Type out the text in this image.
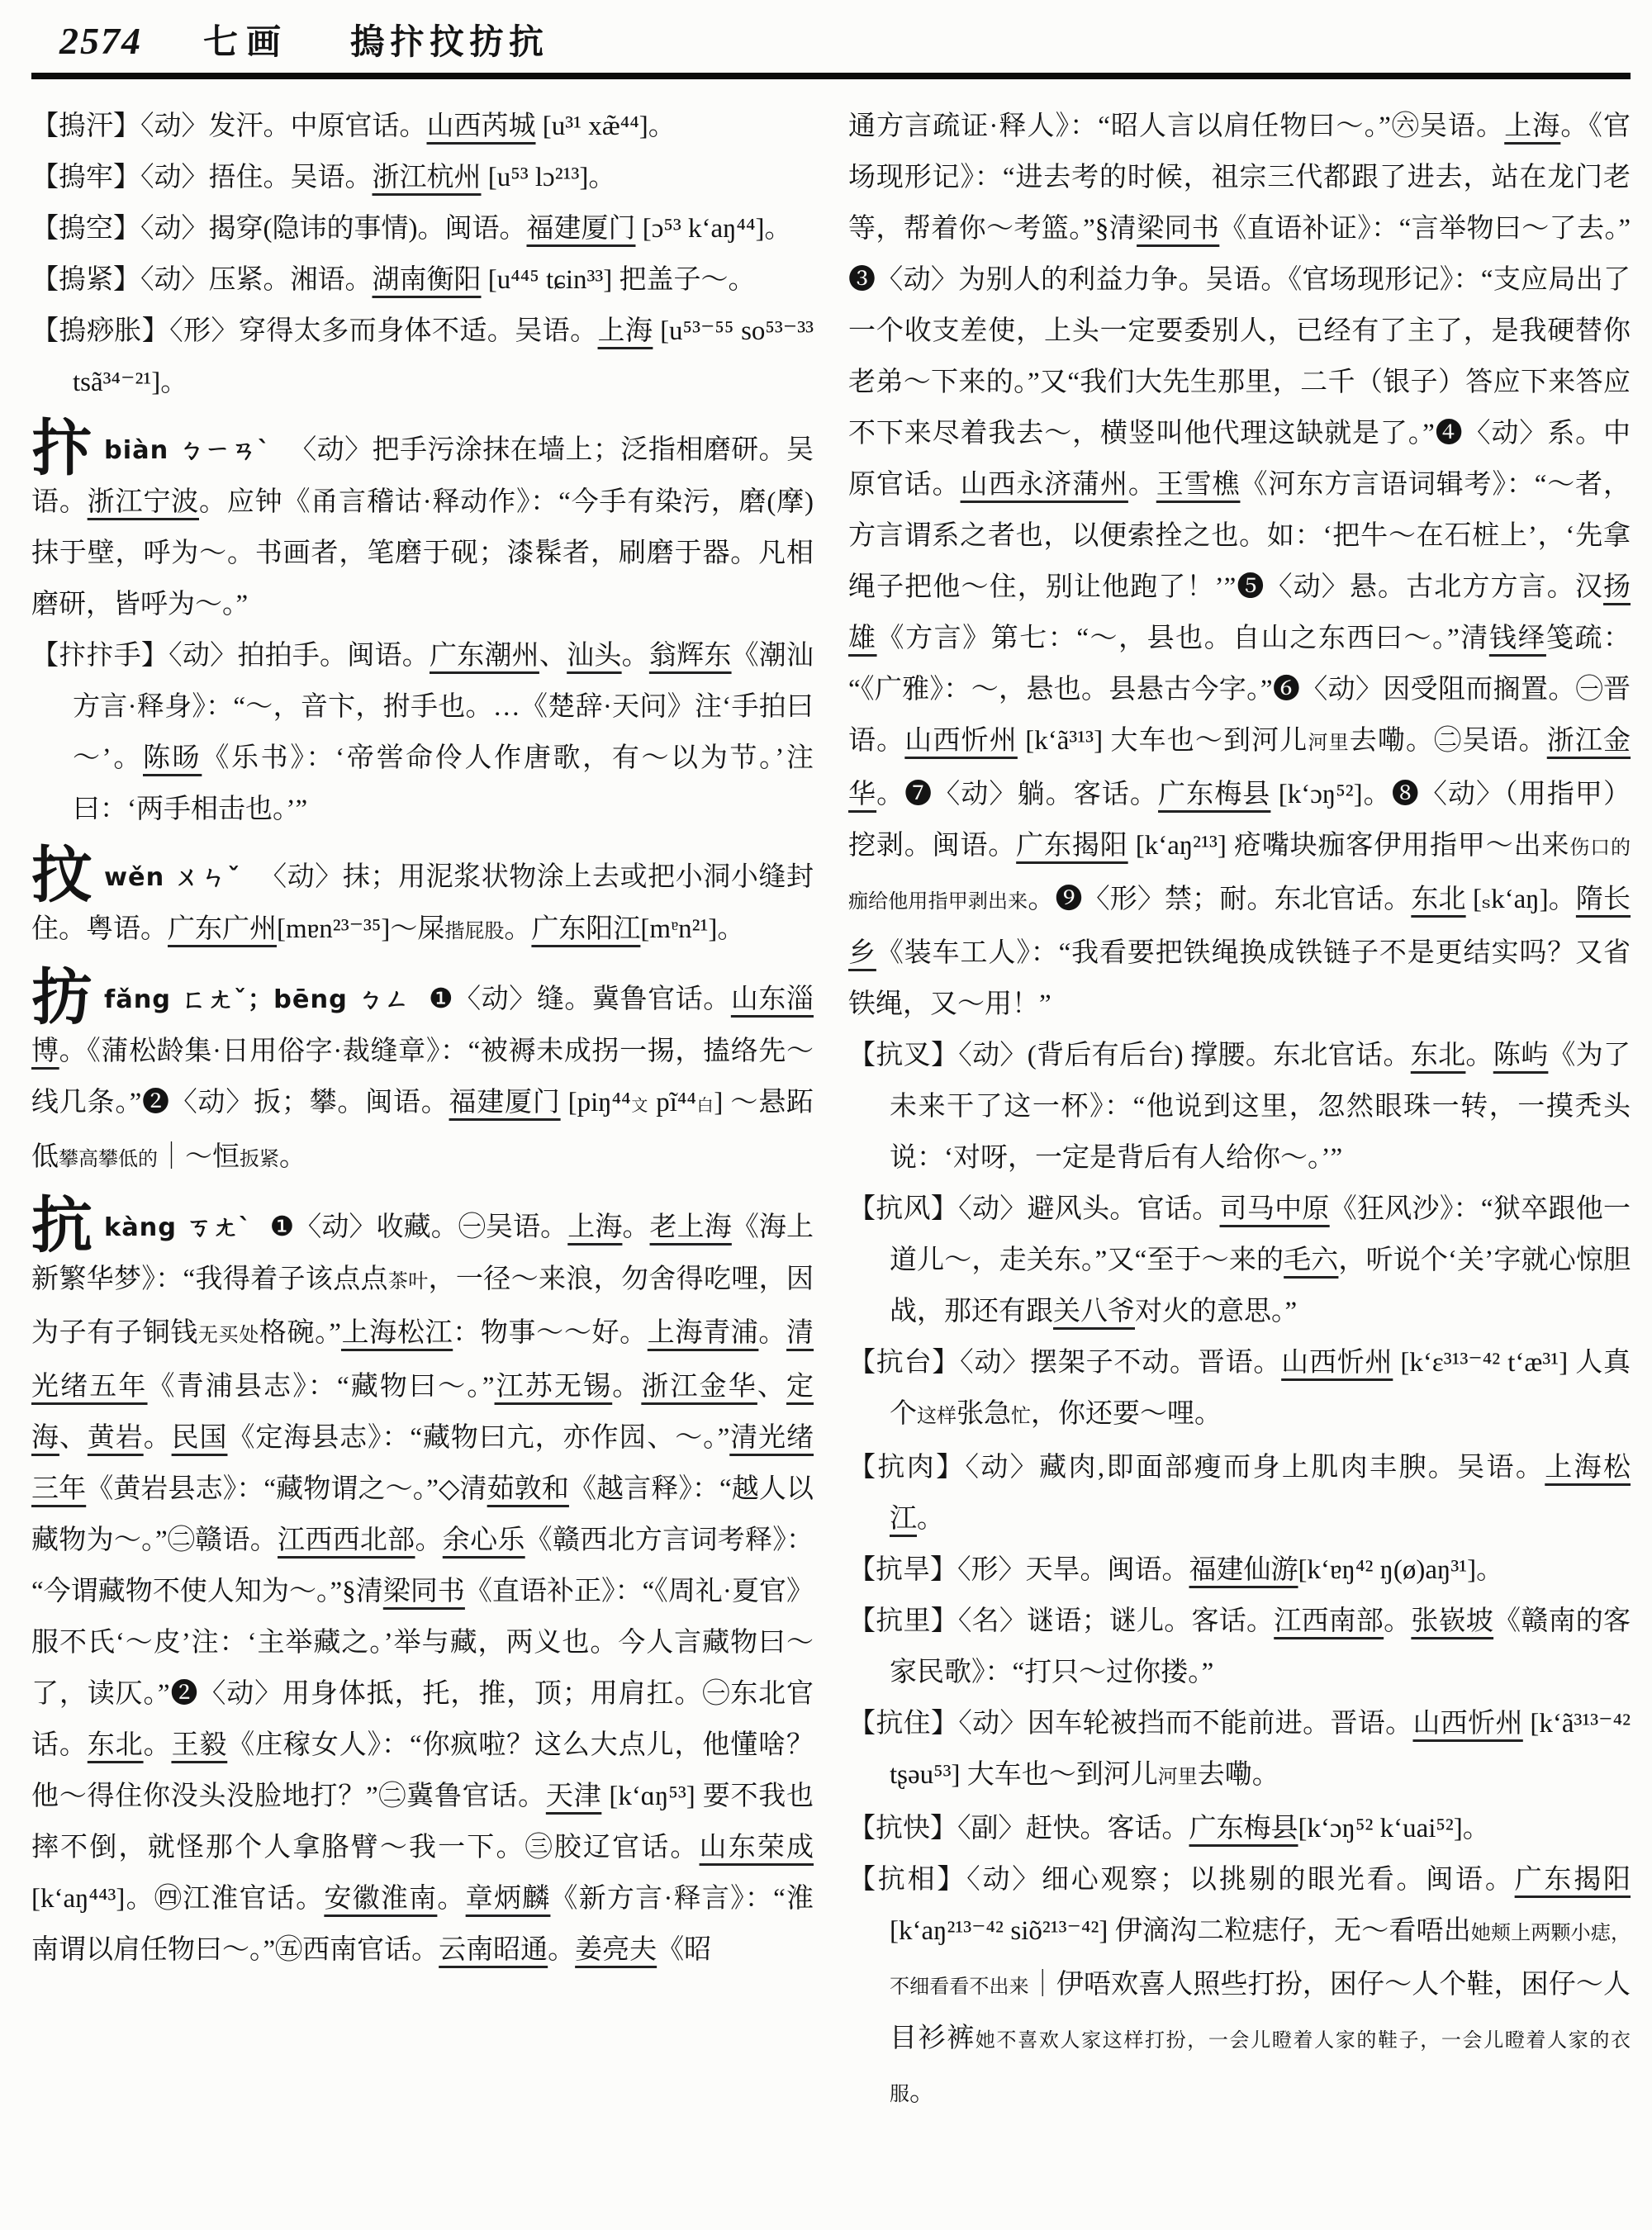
2574 七画 摀抃抆㧍抗

【摀汗】〈动〉发汗。中原官话。山西芮城 [u³¹ xæ̃⁴⁴]。

【摀牢】〈动〉捂住。吴语。浙江杭州 [u⁵³ lɔ²¹³]。

【摀空】〈动〉揭穿(隐讳的事情)。闽语。福建厦门 [ɔ⁵³ kʻaŋ⁴⁴]。

【摀紧】〈动〉压紧。湘语。湖南衡阳 [u⁴⁴⁵ tɕin³³] 把盖子～。

【摀痧胀】〈形〉穿得太多而身体不适。吴语。上海 [u⁵³⁻⁵⁵ so⁵³⁻³³ tsã³⁴⁻²¹]。

抃biàn ㄅㄧㄢˋ 〈动〉把手污涂抹在墙上；泛指相磨研。吴语。浙江宁波。应钟《甬言稽诂·释动作》：“今手有染污，磨(摩)抹于壁，呼为～。书画者，笔磨于砚；漆髹者，刷磨于器。凡相磨研，皆呼为～。”

【抃抃手】〈动〉拍拍手。闽语。广东潮州、汕头。翁辉东《潮汕方言·释身》：“～，音卞，拊手也。…《楚辞·天问》注‘手拍曰～’。陈旸《乐书》：‘帝喾命伶人作唐歌，有～以为节。’注曰：‘两手相击也。’”

抆wěn ㄨㄣˇ 〈动〉抹；用泥浆状物涂上去或把小洞小缝封住。粤语。广东广州[mɐn²³⁻³⁵]～屎揩屁股。广东阳江[mᵄn²¹]。

㧍fǎng ㄈㄤˇ；bēng ㄅㄥ ❶〈动〉缝。冀鲁官话。山东淄博。《蒲松龄集·日用俗字·裁缝章》：“被褥未成拐一掦，搕络先～线几条。”❷〈动〉扳；攀。闽语。福建厦门 [piŋ⁴⁴文 pĩ⁴⁴白] ～悬跖低攀高攀低的｜～恒扳紧。

抗kàng ㄎㄤˋ ❶〈动〉收藏。㊀吴语。上海。老上海《海上新繁华梦》：“我得着子该点点茶叶，一径～来浪，勿舍得吃哩，因为子有子铜钱无买处格碗。”上海松江：物事～～好。上海青浦。清光绪五年《青浦县志》：“藏物曰～。”江苏无锡。浙江金华、定海、黄岩。民国《定海县志》：“藏物曰亢，亦作囥、～。”清光绪三年《黄岩县志》：“藏物谓之～。”◇清茹敦和《越言释》：“越人以藏物为～。”㊁赣语。江西西北部。余心乐《赣西北方言词考释》：“今谓藏物不使人知为～。”§清梁同书《直语补正》：“《周礼·夏官》服不氏‘～皮’注：‘主举藏之。’举与藏，两义也。今人言藏物曰～了，读仄。”❷〈动〉用身体抵，托，推，顶；用肩扛。㊀东北官话。东北。王毅《庄稼女人》：“你疯啦？这么大点儿，他懂啥？他～得住你没头没脸地打？”㊁冀鲁官话。天津 [kʻɑŋ⁵³] 要不我也摔不倒，就怪那个人拿胳臂～我一下。㊂胶辽官话。山东荣成 [kʻaŋ⁴⁴³]。㊃江淮官话。安徽淮南。章炳麟《新方言·释言》：“淮南谓以肩任物曰～。”㊄西南官话。云南昭通。姜亮夫《昭

通方言疏证·释人》：“昭人言以肩任物曰～。”㊅吴语。上海。《官场现形记》：“进去考的时候，祖宗三代都跟了进去，站在龙门老等，帮着你～考篮。”§清梁同书《直语补证》：“言举物曰～了去。”❸〈动〉为别人的利益力争。吴语。《官场现形记》：“支应局出了一个收支差使，上头一定要委别人，已经有了主了，是我硬替你老弟～下来的。”又“我们大先生那里，二千（银子）答应下来答应不下来尽着我去～，横竖叫他代理这缺就是了。”❹〈动〉系。中原官话。山西永济蒲州。王雪樵《河东方言语词辑考》：“～者，方言谓系之者也，以便索拴之也。如：‘把牛～在石桩上’，‘先拿绳子把他～住，别让他跑了！’”❺〈动〉悬。古北方方言。汉扬雄《方言》第七：“～，县也。自山之东西曰～。”清钱绎笺疏：“《广雅》：～，悬也。县悬古今字。”❻〈动〉因受阻而搁置。㊀晋语。山西忻州 [kʻã³¹³] 大车也～到河儿河里去嘞。㊁吴语。浙江金华。❼〈动〉躺。客话。广东梅县 [kʻɔŋ⁵²]。❽〈动〉（用指甲）挖剥。闽语。广东揭阳 [kʻaŋ²¹³] 疮嘴块痂客伊用指甲～出来伤口的痂给他用指甲剥出来。❾〈形〉禁；耐。东北官话。东北 [ₛkʻaŋ]。隋长乡《装车工人》：“我看要把铁绳换成铁链子不是更结实吗？又省铁绳，又～用！”

【抗叉】〈动〉(背后有后台) 撑腰。东北官话。东北。陈屿《为了未来干了这一杯》：“他说到这里，忽然眼珠一转，一摸秃头说：‘对呀，一定是背后有人给你～。’”

【抗风】〈动〉避风头。官话。司马中原《狂风沙》：“狱卒跟他一道儿～，走关东。”又“至于～来的毛六，听说个‘关’字就心惊胆战，那还有跟关八爷对火的意思。”

【抗台】〈动〉摆架子不动。晋语。山西忻州 [kʻɛ³¹³⁻⁴² tʻæ³¹] 人真个这样张急忙，你还要～哩。

【抗肉】〈动〉藏肉,即面部瘦而身上肌肉丰腴。吴语。上海松江。

【抗旱】〈形〉天旱。闽语。福建仙游[kʻɐŋ⁴² ŋ(ø)aŋ³¹]。

【抗里】〈名〉谜语；谜儿。客话。江西南部。张嵚坡《赣南的客家民歌》：“打只～过你搂。”

【抗住】〈动〉因车轮被挡而不能前进。晋语。山西忻州 [kʻã³¹³⁻⁴² tʂəu⁵³] 大车也～到河儿河里去嘞。

【抗快】〈副〉赶快。客话。广东梅县[kʻɔŋ⁵² kʻuai⁵²]。

【抗相】〈动〉细心观察；以挑剔的眼光看。闽语。广东揭阳 [kʻaŋ²¹³⁻⁴² siõ²¹³⁻⁴²] 伊滴沟二粒痣仔，无～看唔出她颊上两颗小痣，不细看看不出来｜伊唔欢喜人照些打扮，困仔～人个鞋，困仔～人目衫裤她不喜欢人家这样打扮，一会儿瞪着人家的鞋子，一会儿瞪着人家的衣服。
